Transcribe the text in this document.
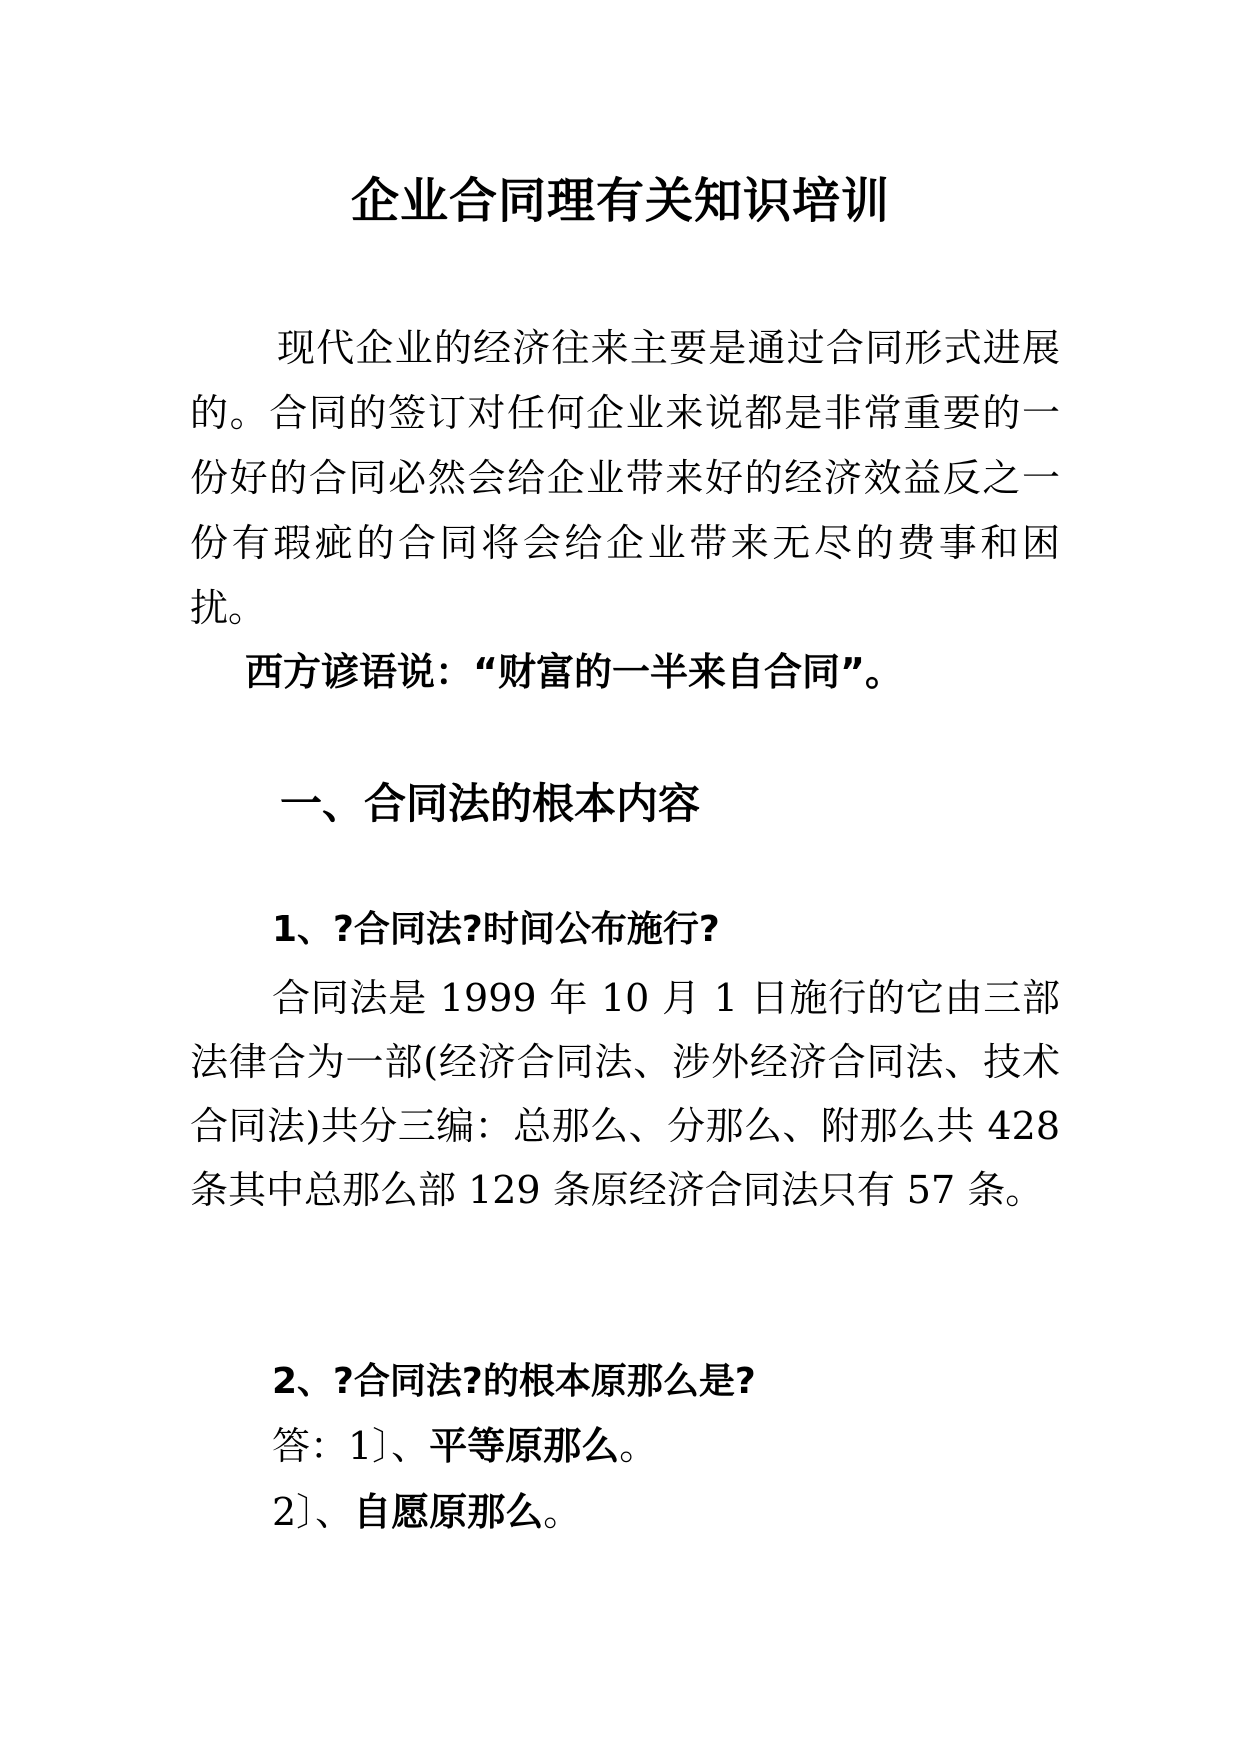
企业合同理有关知识培训
现代企业的经济往来主要是通过合同形式进展的。合同的签订对任何企业来说都是非常重要的一份好的合同必然会给企业带来好的经济效益反之一份有瑕疵的合同将会给企业带来无尽的费事和困扰。
西方谚语说：“财富的一半来自合同”。
一、合同法的根本内容
1、?合同法?时间公布施行?
合同法是 1999 年 10 月 1 日施行的它由三部法律合为一部(经济合同法、涉外经济合同法、技术合同法)共分三编：总那么、分那么、附那么共 428 条其中总那么部 129 条原经济合同法只有 57 条。
2、?合同法?的根本原那么是?
答：1〕、平等原那么。
2〕、自愿原那么。
